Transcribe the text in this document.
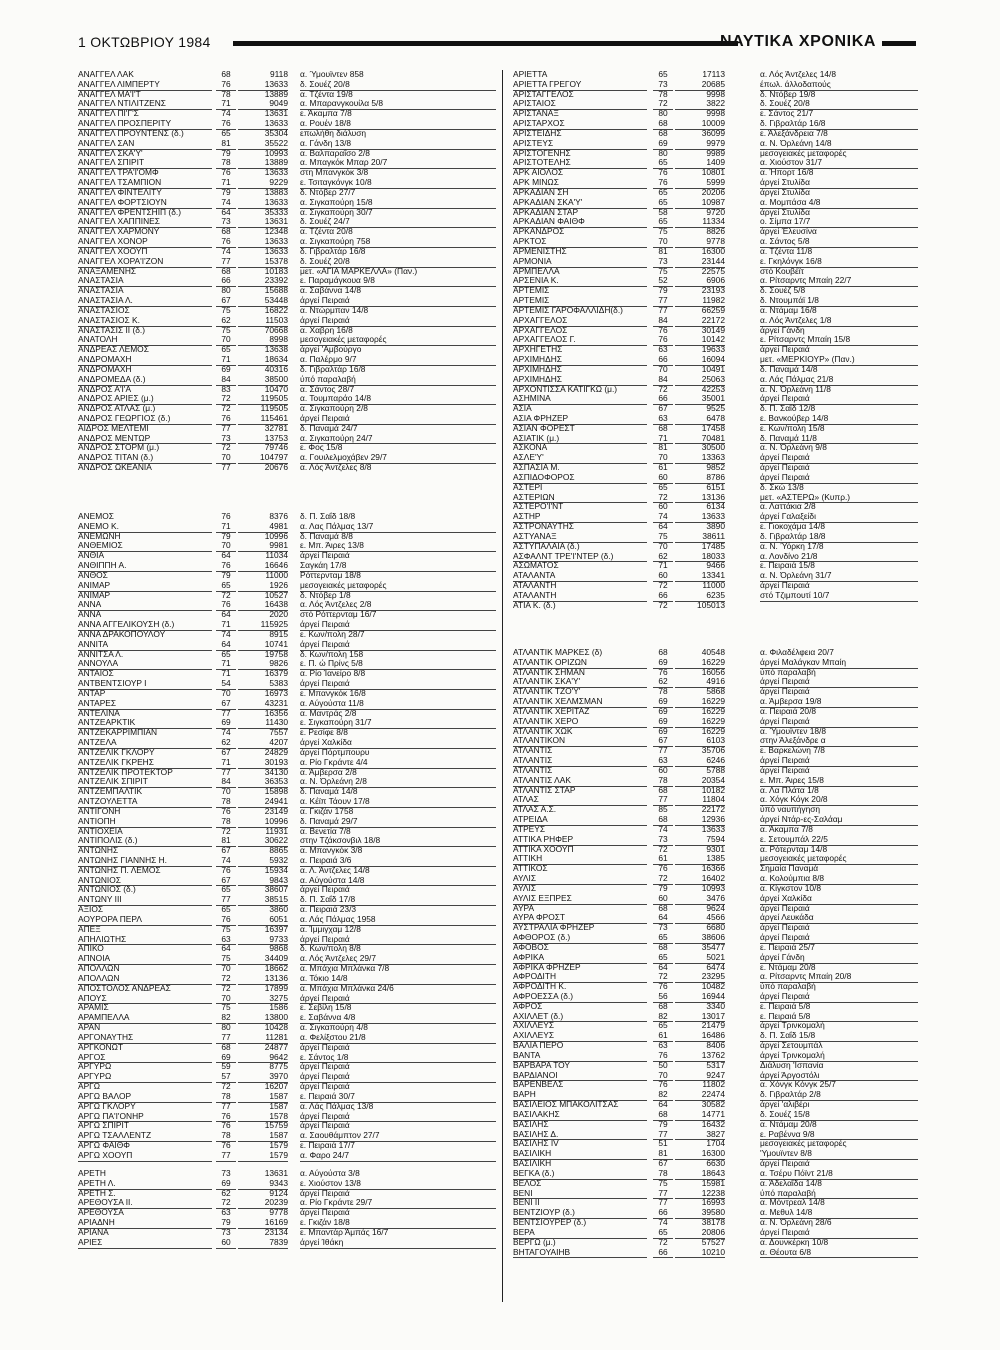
1 ΟΚΤΩΒΡΙΟΥ 1984	ΝΑΥΤΙΚΑ ΧΡΟΝΙΚΑ
ΑΝΑΓΓΕΛ ΛΑΚ	68	9118 α. Ύμουϊντεν 858
ΑΝΑΓΓΕΛ ΛΙΜΠΕΡΤΥ	76	13633 δ. Σουέζ 20/8
ΑΝΑΓΓΕΛ ΜΑ'Ι'Τ	78	13889 α. Τζέντα 19/8
ΑΝΑΓΓΕΛ ΝΤΙΛΙΤΖΕΝΣ	71	9049 α. Μπαρανγκουίλα 5/8
ΑΝΑΓΓΕΛ ΠΙ'Γ'Σ	74	13631 ε. Άκαμπα 7/8
ΑΝΑΓΓΕΛ ΠΡΟΣΠΕΡΙΤΥ	76	13633 α. Ρουέν 18/8
ΑΝΑΓΓΕΛ ΠΡΟΥΝΤΕΝΣ (δ.)	65	35304 επωλήθη διάλυση
ΑΝΑΓΓΕΛ ΣΑΝ	81	35522 α. Γάνδη 13/8
ΑΝΑΓΓΕΛ ΣΚΑ'Υ'	79	10993 α. Βαλπαραΐσο 2/8
ΑΝΑΓΓΕΛ ΣΠΙΡΙΤ	78	13889 α. Μπαγκόκ Μπαρ 20/7
ΑΝΑΓΓΕΛ ΤΡΑ'Ι'ΟΜΦ	76	13633 στη Μπανγκόκ 3/8
ΑΝΑΓΓΕΛ ΤΣΑΜΠΙΟΝ	71	9229 ε. Τσιταγκόνγκ 10/8
ΑΝΑΓΓΕΛ ΦΙΝΤΕΛΙΤΥ	79	13883 δ. Ντόβερ 27/7
ΑΝΑΓΓΕΛ ΦΟΡΤΣΙΟΥΝ	74	13633 α. Σιγκαπούρη 15/8
ΑΝΑΓΓΕΛ ΦΡΕΝΤΣΗΙΠ (δ.)	64	35333 α. Σιγκαπούρη 30/7
ΑΝΑΓΓΕΛ ΧΑΠΠΙΝΕΣ	73	13631 δ. Σουέζ 24/7
ΑΝΑΓΓΕΛ ΧΑΡΜΟΝΥ	68	12348 α. Τζέντα 20/8
ΑΝΑΓΓΕΛ ΧΟΝΟΡ	76	13633 α. Σιγκαπούρη 758
ΑΝΑΓΓΕΛ ΧΟΟΥΠ	74	13633 δ. Γιβραλτάρ 16/8
ΑΝΑΓΓΕΛ ΧΟΡΑ'Ι'ΖΟΝ	77	15378 δ. Σουέζ 20/8
ΑΝΑΞΑΜΕΝΗΣ	68	10183 μετ. «ΑΓΙΑ ΜΑΡΚΕΛΛΑ» (Παν.)
ΑΝΑΣΤΑΣΙΑ	66	23392 ε. Παραμάγκουα 9/8
ΑΝΑΣΤΑΣΙΑ	80	15688 α. Σαβάννα 14/8
ΑΝΑΣΤΑΣΙΑ Λ.	67	53448 άργεί Πειραιά
ΑΝΑΣΤΑΣΙΟΣ	75	16822 α. Ντώρμπαν 14/8
ΑΝΑΣΤΑΣΙΟΣ Κ.	62	11503 άργεί Πειραιά
ΑΝΑΣΤΑΣΙΣ ΙΙ (δ.)	75	70668 α. Χαβρη 16/8
ΑΝΑΤΟΛΗ	70	8998 μεσογειακές μεταφορές
ΑΝΔΡΕΑΣ ΛΕΜΟΣ	65	13638 άργεί 'Αμβούργο
ΑΝΔΡΟΜΑΧΗ	71	18634 α. Παλέρμο 9/7
ΑΝΔΡΟΜΑΧΗ	69	40316 δ. Γιβραλτάρ 16/8
ΑΝΔΡΟΜΕΔΑ (δ.)	84	38500 ύπό παραλαβή
ΑΝΔΡΟΣ Α'Ι'Α	83	10470 α. Σάντος 28/7
ΑΝΔΡΟΣ ΑΡΙΕΣ (μ.)	72	119505 α. Τουμπαράο 14/8
ΑΝΔΡΟΣ ΑΤΛΑΣ (μ.)	72	119505 α. Σιγκαπούρη 2/8
ΑΝΔΡΟΣ ΓΕΩΡΓΙΟΣ (δ.)	76	115461 άργεί Πειραιά
ΑΙΔΡΟΣ ΜΕΛΤΕΜΙ	77	32781 δ. Παναμά 24/7
ΑΝΔΡΟΣ ΜΕΝΤΩΡ	73	13753 α. Σιγκαπούρη 24/7
ΑΝΔΡΟΣ ΣΤΟΡΜ (μ.)	72	79746 ε. Φος 15/8
ΑΝΔΡΟΣ ΤΙΤΑΝ (δ.)	70	104797 α. Γουιλελμοχάβεν 29/7
ΑΝΔΡΟΣ ΩΚΕΑΝΙΑ	77	20676 α. Λός Άντζελες 8/8
ΑΝΕΜΟΣ	76	8376 δ. Π. Σαΐδ 18/8
ΑΝΕΜΟ Κ.	71	4981 α. Λας Πάλμας 13/7
ΑΝΕΜΩΝΗ	79	10996 δ. Παναμά 8/8
ΑΝΘΕΜΙΟΣ	70	9981 ε. Μπ. Άιρες 13/8
ΑΝΘΙΑ	64	11034 άργεί Πειραιά
ΑΝΘΙΠΠΗ Α.	76	16646 Σαγκάη 17/8
ΑΝΘΟΣ	79	11000 Ρόττερνταμ 18/8
ΑΝΙΜΑΡ	65	1926 μεσογειακές μεταφορές
ΑΝΙΜΑΡ	72	10527 δ. Ντόβερ 1/8
ΑΝΝΑ	76	16438 α. Λός Άντζελες 2/8
ΑΝΝΑ	64	2020 στό Ρόττερνταμ 16/7
ΑΝΝΑ ΑΓΓΕΛΙΚΟΥΣΗ (δ.)	71	115925 άργεί Πειραιά
ΑΝΝΑ ΔΡΑΚΟΠΟΥΛΟΥ	74	8915 ε. Κων/πολη 28/7
ΑΝΝΙΤΑ	64	10741 άργεί Πειραιά
ΑΝΝΙΤΣΑ Λ.	65	19758 δ. Κων/πολη 158
ΑΝΝΟΥΛΑ	71	9826 ε. Π. ώ Πρίνς 5/8
ΑΝΤΑΙΟΣ	71	16379 α. Ρίο Ίανείρο 8/8
ΑΝΤΒΕΝΤΣΙΟΥΡ Ι	54	5383 άργεί Πειραιά
ΑΝΤΑΡ	70	16973 ε. Μπανγκόκ 16/8
ΑΝΤΑΡΕΣ	67	43231 α. Αύγούστα 11/8
ΑΝΤΕΛΙΝΑ	77	16356 α. Μαντράς 2/8
ΑΝΤΖΕΑΡΚΤΙΚ	69	11430 ε. Σιγκαπούρη 31/7
ΑΝΤΖΕΚΑΡΡΙΜΠΙΑΝ	74	7557 ε. Ρεσίφε 8/8
ΑΝΤΖΕΛΑ	62	4207 άργεί Χαλκίδα
ΑΝΤΖΕΛΙΚ ΓΚΛΟΡΥ	67	24829 άργεί Πόρτμπουρυ
ΑΝΤΖΕΛΙΚ ΓΚΡΕΗΣ	71	30193 α. Ρίο Γκράντε 4/4
ΑΝΤΖΕΛΙΚ ΠΡΟΤΕΚΤΟΡ	77	34130 α. Άμβερσα 2/8
ΑΝΤΖΕΛΙΚ ΣΠΙΡΙΤ	84	36353 α. Ν. Όρλεάνη 2/8
ΑΝΤΖΕΜΠΑΛΤΙΚ	70	15898 δ. Παναμά 14/8
ΑΝΤΖΟΥΛΕΤΤΑ	78	24941 α. Κέϊπ Τάουν 17/8
ΑΝΤΙΓΟΝΗ	76	23149 α. Γκιζάν 1758
ΑΝΤΙΟΠΗ	78	10996 δ. Παναμά 29/7
ΑΝΤΙΟΧΕΙΑ	72	11931 α. Βενετία 7/8
ΑΝΤΙΠΟΛΙΣ (δ.)	81	30622 στην Τζάκσονβιλ 18/8
ΑΝΤΩΝΗΣ	67	8865 α. Μπανγκόκ 3/8
ΑΝΤΩΝΗΣ ΓΙΑΝΝΗΣ Η.	74	5932 α. Πειραιά 3/6
ΑΝΤΩΝΗΣ Π. ΛΕΜΟΣ	76	15934 α. Λ. Άντζελες 14/8
ΑΝΤΩΝΙΟΣ	67	9843 α. Αύγούστα 14/8
ΑΝΤΩΝΙΟΣ (δ.)	65	38607 άργεί Πειραιά
ΑΝΤΩΝΥ ΙΙΙ	77	38515 δ. Π. Σαΐδ 17/8
ΑΞΙΟΣ	65	3860 α. Πειραιά 23/3
ΑΟΥΡΟΡΑ ΠΕΡΛ	76	6051 α. Λάς Πάλμας 1958
ΑΠΕΞ	75	16397 α. Ίμμιγχαμ 12/8
ΑΠΗΛΙΩΤΗΣ	63	9733 άργεί Πειραιά
ΑΠΙΚΟ	64	9868 δ. Κων/πολη 8/8
ΑΠΝΟΙΑ	75	34409 α. Λός Άντζελες 29/7
ΑΠΟΛΛΩΝ	70	18662 α. Μπάχια Μπλάνκα 7/8
ΑΠΟΛΛΩΝ	72	13136 α. Τόκιο 14/8
ΑΠΟΣΤΟΛΟΣ ΑΝΔΡΕΑΣ	72	17899 α. Μπάχια Μπλάνκα 24/6
ΑΠΟΥΣ	70	3275 άργεί Πειραιά
ΑΡΑΜΙΣ	75	1586 ε. Σεβίλη 15/8
ΑΡΑΜΠΕΛΛΑ	82	13800 ε. Σαβάννα 4/8
ΑΡΑΝ	80	10428 α. Σιγκαπούρη 4/8
ΑΡΓΟΝΑΥΤΗΣ	77	11281 α. Φελίξστου 21/8
ΑΡΓΚΟΝΩΤ	68	24877 άργεί Πειραιά
ΑΡΓΟΣ	69	9642 ε. Σάντος 1/8
ΑΡΓΥΡΩ	59	8775 άργεί Πειραιά
ΑΡΓΥΡΩ	57	3970 άργεί Πειραιά
ΑΡΓΩ	72	16207 άργεί Πειραιά
ΑΡΓΩ ΒΑΛΟΡ	78	1587 ε. Πειραιά 30/7
ΑΡΓΩ ΓΚΛΟΡΥ	77	1587 α. Λάς Πάλμας 13/8
ΑΡΓΩ ΠΑ'Ι'ΟΝΗΡ	76	1578 άργεί Πειραιά
ΑΡΓΩ ΣΠΙΡΙΤ	76	15759 άργεί Πειραιά
ΑΡΓΩ ΤΣΑΛΛΕΝΤΖ	78	1587 α. Σαουθάμπτον 27/7
ΑΡΓΩ ΦΑΙΘΦ	76	1579 ε. Πειραιά 17/7
ΑΡΓΩ ΧΟΟΥΠ	77	1579 α. Φαρο 24/7
ΑΡΕΤΗ	73	13631 α. Αύγούστα 3/8
ΑΡΕΤΗ Λ.	69	9343 ε. Χιούστον 13/8
ΑΡΕΤΗ Σ.	62	9124 άργεί Πειραιά
ΑΡΕΘΟΥΣΑ ΙΙ.	72	20239 α. Ρίο Γκράντε 29/7
ΑΡΕΘΟΥΣΑ	63	9778 άργεί Πειραιά
ΑΡΙΑΔΝΗ	79	16169 ε. Γκιζάν 18/8
ΑΡΙΑΝΑ	73	23134 ε. Μπαντάρ Άμπάς 16/7
ΑΡΙΕΣ	60	7839 άργεί Ίθάκη
ΑΡΙΕΤΤΑ	65	17113	α. Λός Άντζελες 14/8
ΑΡΙΕΤΤΑ ΓΡΕΓΟΥ	73	20685	έπωλ. άλλοδαπούς
ΑΡΙΣΤΑΓΓΕΛΟΣ	78	9998	δ. Ντόβερ 19/8
ΑΡΙΣΤΑΙΟΣ	72	3822	δ. Σουέζ 20/8
ΑΡΙΣΤΑΝΑΞ	80	9998	ε. Σάντος 21/7
ΑΡΙΣΤΑΡΧΟΣ	68	10009	δ. Γιβραλτάρ 16/8
ΑΡΙΣΤΕΙΔΗΣ	68	36099	ε. Άλεξάνδρεια 7/8
ΑΡΙΣΤΕΥΣ	69	9979	α. Ν. Όρλεάνη 14/8
ΑΡΙΣΤΟΓΕΝΗΣ	80	9989	μεσογειακές μεταφορές
ΑΡΙΣΤΟΤΕΛΗΣ	65	1409	α. Χιούστον 31/7
ΑΡΚ ΑΙΟΛΟΣ	76	10801	α. Ήπορτ 16/8
ΑΡΚ ΜΙΝΩΣ	76	5999	άργεί Στυλίδα
ΑΡΚΑΔΙΑΝ ΣΗ	65	20206	άργεί Στυλίδα
ΑΡΚΑΔΙΑΝ ΣΚΑ'Υ'	65	10987	α. Μομπάσα 4/8
ΑΡΚΑΔΙΑΝ ΣΤΑΡ	58	9720	άργεί Στυλίδα
ΑΡΚΑΔΙΑΝ ΦΑΙΘΦ	65	11334	ο. Σίμπα 17/7
ΑΡΚΑΝΔΡΟΣ	75	8826	άργεί Έλευσίνα
ΑΡΚΤΟΣ	70	9778	α. Σάντος 5/8
ΑΡΜΕΝΙΣΤΗΣ	81	16300	α. Τζέντα 11/8
ΑΡΜΟΝΙΑ	73	23144	ε. Γκηλόνγκ 16/8
ΑΡΜΠΕΛΛΑ	75	22575	στό Κουβέϊτ
ΑΡΣΕΝΙΑ Κ.	52	6906	α. Ρίτσαρντς Μπαίη 22/7
ΑΡΤΕΜΙΣ	79	23193	δ. Σουέζ 5/8
ΑΡΤΕΜΙΣ	77	11982	δ. Ντουμπάϊ 1/8
ΑΡΤΕΜΙΣ ΓΑΡΟΦΑΛΛΙΔΗ(δ.)	77	66259	α. Ντάμαμ 16/8
ΑΡΧΑΓΓΕΛΟΣ	84	22172	α. Λός Άντζελες 1/8
ΑΡΧΑΓΓΕΛΟΣ	76	30149	άργεί Γάνδη
ΑΡΧΑΓΓΕΛΟΣ Γ.	76	10142	ε. Ρίτσαρντς Μπαίη 15/8
ΑΡΧΗΓΕΤΗΣ	63	19633	άργεί Πειραιά
ΑΡΧΙΜΗΔΗΣ	66	16094	μετ. «ΜΕΡΚΙΟΥΡ» (Παν.)
ΑΡΧΙΜΗΔΗΣ	70	10491	δ. Παναμά 14/8
ΑΡΧΙΜΗΔΗΣ	84	25063	α. Λάς Πάλμας 21/8
ΑΡΧΟΝΤΙΣΣΑ ΚΑΤΙΓΚΩ (μ.)	72	42253	α. Ν. Όρλεάνη 11/8
ΑΣΗΜΙΝΑ	66	35001	άργεί Πειραιά
ΑΣΙΑ	67	9525	δ. Π. Σαΐδ 12/8
ΑΣΙΑ ΦΡΗΖΕΡ	63	6478	ε. Βανκούβερ 14/8
ΑΣΙΑΝ ΦΟΡΕΣΤ	68	17458	ε. Κων/πολη 15/8
ΑΣΙΑΤΙΚ (μ.)	71	70481	δ. Παναμά 11/8
ΑΣΚΟΝΑ	81	30500	α. Ν. Όρλεάνη 9/8
ΑΣΛΕ'Υ'	70	13363	άργεί Πειραιά
ΑΣΠΑΣΙΑ Μ.	61	9852	άργεί Πειραιά
ΑΣΠΙΔΟΦΟΡΟΣ	60	8786	άργεί Πειραιά
ΑΣΤΕΡΙ	65	6151	δ. Σκώ 13/8
ΑΣΤΕΡΙΩΝ	72	13136	μετ. «ΑΣΤΕΡΩ» (Κυπρ.)
ΑΣΤΕΡΟ'Ι'ΝΤ	60	6134	α. Λαττάκια 2/8
ΑΣΤΗΡ	74	13633	άργεί Γαλαξείδι
ΑΣΤΡΟΝΑΥΤΗΣ	64	3890	ε. Γιοκοχάμα 14/8
ΑΣΤΥΑΝΑΞ	75	38611	δ. Γιβραλτάρ 18/8
ΑΣΤΥΠΑΛΑΙΑ (δ.)	70	17485	α. Ν. Ύόρκη 17/8
ΑΣΦΑΛΝΤ ΤΡΕ'Ι'ΝΤΕΡ (δ.)	62	18033	α. Λονδίνο 21/8
ΑΣΩΜΑΤΟΣ	71	9466	ε. Πειραιά 15/8
ΑΤΑΛΑΝΤΑ	60	13341	α. Ν. Όρλεάνη 31/7
ΑΤΑΛΑΝΤΗ	72	11000	άργεί Πειραιά
ΑΤΑΛΑΝΤΗ	66	6235	στό Τζιμπουτί 10/7
ΑΤΙΑ Κ. (δ.)	72	105013
ΑΤΛΑΝΤΙΚ ΜΑΡΚΕΣ (δ)	68	40548	α. Φιλαδέλφεια 20/7
ΑΤΛΑΝΤΙΚ ΟΡΙΖΩΝ	69	16229	άργεί Μαλάγκαν Μπαίη
ΑΤΛΑΝΤΙΚ ΣΗΜΑΝ	76	16056	ύπό παραλαβή
ΑΤΛΑΝΤΙΚ ΣΚΑ'Υ'	62	4916	άργεί Πειραιά
ΑΤΛΑΝΤΙΚ ΤΖΟ'Υ'	78	5868	άργεί Πειραιά
ΑΤΛΑΝΤΙΚ ΧΕΛΜΣΜΑΝ	69	16229	α. Άμβερσα 19/8
ΑΤΛΑΝΤΙΚ ΧΕΡΙΤΑΖ	69	16229	α. Πειραιά 20/8
ΑΤΛΑΝΤΙΚ ΧΕΡΟ	69	16229	άργεί Πειραιά
ΑΤΛΑΝΤΙΚ ΧΩΚ	69	16229	α. Ύμουϊντεν 18/8
ΑΤΛΑΝΤΙΚΟΝ	67	6103	στην Άλεξάνδρε α
ΑΤΛΑΝΤΙΣ	77	35706	ε. Βαρκελώνη 7/8
ΑΤΛΑΝΤΙΣ	63	6246	άργεί Πειραιά
ΑΤΛΑΝΤΙΣ	60	5788	άργεί Πειραιά
ΑΤΛΑΝΤΙΣ ΛΑΚ	78	20354	ε. Μπ. Άιρες 15/8
ΑΤΛΑΝΤΙΣ ΣΤΑΡ	68	10182	α. Λα Πλάτα 1/8
ΑΤΛΑΣ	77	11804	α. Χόγκ Κόγκ 20/8
ΑΤΛΑΣ Α.Σ.	85	22172	ύπό ναυπήγηση
ΑΤΡΕΙΔΑ	68	12936	άργεί Ντάρ-ες-Σαλάαμ
ΑΤΡΕΥΣ	74	13633	α. Άκαμπα 7/8
ΑΤΤΙΚΑ ΡΗΦΕΡ	73	7594	ε. Σετουμπάλ 22/5
ΑΤΤΙΚΑ ΧΟΟΥΠ	72	9301	α. Ρότερνταμ 14/8
ΑΤΤΙΚΗ	61	1385	μεσογειακές μεταφορές
ΑΤΤΙΚΟΣ	76	16366	Σημαία Παναμά
ΑΥΛΙΣ	72	16402	α. Κολούμπια 8/8
ΑΥΛΙΣ	79	10993	α. Κίγκστον 10/8
ΑΥΛΙΣ ΕΞΠΡΕΣ	60	3476	άργεί Χαλκίδα
ΑΥΡΑ	68	9624	άργεί Πειραιά
ΑΥΡΑ ΦΡΟΣΤ	64	4566	άργεί Λευκάδα
ΑΥΣΤΡΑΛΙΑ ΦΡΗΖΕΡ	73	6680	άργεί Πειραιά
ΑΦΘΟΡΟΣ (δ.)	65	38606	άργεί Πειραιά
ΑΦΟΒΟΣ	68	35477	ε. Πειραιά 25/7
ΑΦΡΙΚΑ	65	5021	άργεί Γάνδη
ΑΦΡΙΚΑ ΦΡΗΖΕΡ	64	6474	ε. Ντάμαμ 20/8
ΑΦΡΟΔΙΤΗ	72	23295	α. Ρίτσαρντς Μπαίη 20/8
ΑΦΡΟΔΙΤΗ Κ.	76	10482	ύπό παραλαβή
ΑΦΡΟΕΣΣΑ (δ.)	56	16944	άργεί Πειραιά
ΑΦΡΟΣ	68	3340	ε. Πειραιά 5/8
ΑΧΙΛΛΕΤ (δ.)	82	13017	ε. Πειραιά 5/8
ΑΧΙΛΛΕΥΣ	65	21479	άργεί Τρινκομαλή
ΑΧΙΛΛΕΥΣ	61	16486	δ. Π. Σαΐδ 15/8
ΒΑΛΙΑ ΠΕΡΟ	63	8406	άργεί Σετουμπάλ
ΒΑΝΤΑ	76	13762	άργεί Τρινκομαλή
ΒΑΡΒΑΡΑ ΤΟΥ	50	5317	Διάλυση 'Ισπανία
ΒΑΡΔΙΑΝΟΙ	70	9247	άργεί Άργοστόλι
ΒΑΡΕΝΒΕΛΣ	76	11802	α. Χόνγκ Κόνγκ 25/7
ΒΑΡΗ	82	22474	δ. Γιβραλτάρ 2/8
ΒΑΣΙΛΕΙΟΣ ΜΠΑΚΟΛΙΤΣΑΣ	64	30582	άργεί 'αλιβέρι
ΒΑΣΙΛΑΚΗΣ	68	14771	δ. Σουέζ 15/8
ΒΑΣΙΛΗΣ	79	16432	α. Ντάμαμ 20/8
ΒΑΣΙΛΗΣ Δ.	77	3827	ε. Ραβέννα 9/8
ΒΑΣΙΛΗΣ IV	51	1704	μεσογειακές μεταφορές
ΒΑΣΙΛΙΚΗ	81	16300	'Υμουϊντεν 8/8
ΒΑΣΙΛΙΚΗ	67	6630	άργεί Πειραιά
ΒΕΓΚΑ (δ.)	78	18643	α. Τσέρυ Πόϊντ 21/8
ΒΕΛΟΣ	75	15981	α. Άδελαΐδα 14/8
ΒΕΝΙ	77	12238	ύπό παραλαβή
ΒΕΝΙ ΙΙ	77	16993	α. Μόντρεαλ 14/8
ΒΕΝΤΖΙΟΥΡ (δ.)	66	39580	α. Μεθυλ 14/8
ΒΕΝΤΣΙΟΥΡΕΡ (δ.)	74	38178	α. Ν. Όρλεάνη 28/6
ΒΕΡΑ	65	20806	άργεί Πειραιά
ΒΕΡΓΩ (μ.)	72	57527	α. Δουνκέρκη 10/8
ΒΗΤΑΓΟΥΑΙΗΒ	66	10210	α. Θέουτα 6/8
